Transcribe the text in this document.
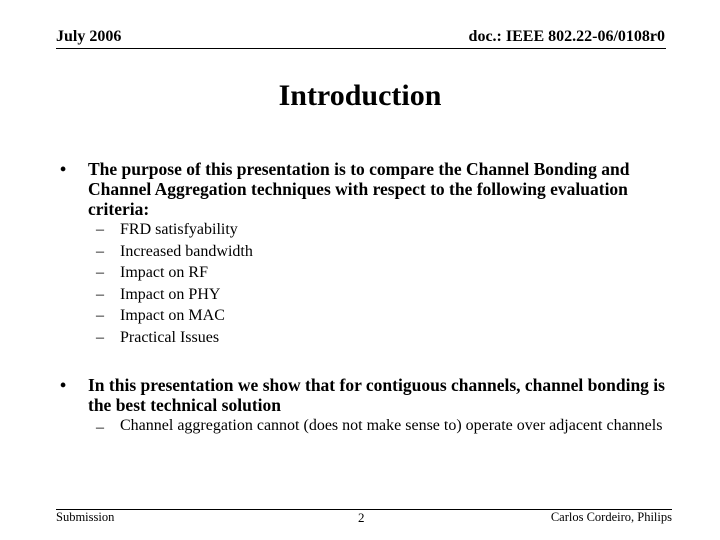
July 2006	doc.: IEEE 802.22-06/0108r0
Introduction
• The purpose of this presentation is to compare the Channel Bonding and Channel Aggregation techniques with respect to the following evaluation criteria:
– FRD satisfyability
– Increased bandwidth
– Impact on RF
– Impact on PHY
– Impact on MAC
– Practical Issues
• In this presentation we show that for contiguous channels, channel bonding is the best technical solution
– Channel aggregation cannot (does not make sense to) operate over adjacent channels
Submission	2	Carlos Cordeiro, Philips
